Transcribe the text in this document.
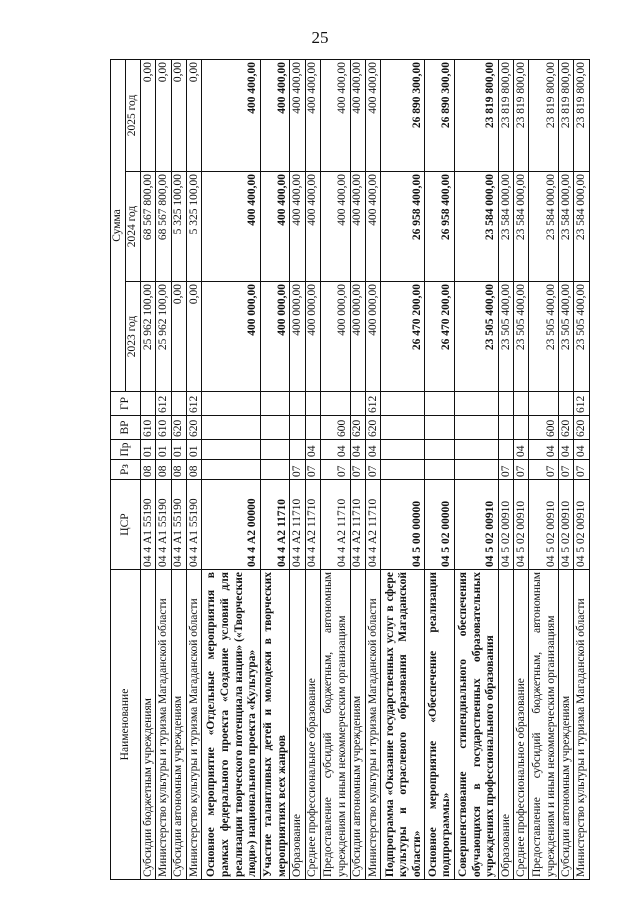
25
Наименование	ЦСР	Рз	Пр	ВР	ГР	Сумма		
						2023 год	2024 год	2025 год
Субсидии бюджетным учреждениям	04 4 А1 55190	08	01	610		25 962 100,00	68 567 800,00	0,00
Министерство культуры и туризма Магаданской области	04 4 А1 55190	08	01	610	612	25 962 100,00	68 567 800,00	0,00
Субсидии автономным учреждениям	04 4 А1 55190	08	01	620		0,00	5 325 100,00	0,00
Министерство культуры и туризма Магаданской области	04 4 А1 55190	08	01	620	612	0,00	5 325 100,00	0,00
Основное мероприятие «Отдельные мероприятия в рамках федерального проекта «Создание условий для реализации творческого потенциала нации» («Творческие люди») национального проекта «Культура»	04 4 А2 00000					400 000,00	400 400,00	400 400,00
Участие талантливых детей и молодежи в творческих мероприятиях всех жанров	04 4 А2 11710					400 000,00	400 400,00	400 400,00
Образование	04 4 А2 11710	07				400 000,00	400 400,00	400 400,00
Среднее профессиональное образование	04 4 А2 11710	07	04			400 000,00	400 400,00	400 400,00
Предоставление субсидий бюджетным, автономным учреждениям и иным некоммерческим организациям	04 4 А2 11710	07	04	600		400 000,00	400 400,00	400 400,00
Субсидии автономным учреждениям	04 4 А2 11710	07	04	620		400 000,00	400 400,00	400 400,00
Министерство культуры и туризма Магаданской области	04 4 А2 11710	07	04	620	612	400 000,00	400 400,00	400 400,00
Подпрограмма «Оказание государственных услуг в сфере культуры и отраслевого образования Магаданской области»	04 5 00 00000					26 470 200,00	26 958 400,00	26 890 300,00
Основное мероприятие «Обеспечение реализации подпрограммы»	04 5 02 00000					26 470 200,00	26 958 400,00	26 890 300,00
Совершенствование стипендиального обеспечения обучающихся в государственных образовательных учреждениях профессионального образования	04 5 02 00910					23 505 400,00	23 584 000,00	23 819 800,00
Образование	04 5 02 00910	07				23 505 400,00	23 584 000,00	23 819 800,00
Среднее профессиональное образование	04 5 02 00910	07	04			23 505 400,00	23 584 000,00	23 819 800,00
Предоставление субсидий бюджетным, автономным учреждениям и иным некоммерческим организациям	04 5 02 00910	07	04	600		23 505 400,00	23 584 000,00	23 819 800,00
Субсидии автономным учреждениям	04 5 02 00910	07	04	620		23 505 400,00	23 584 000,00	23 819 800,00
Министерство культуры и туризма Магаданской области	04 5 02 00910	07	04	620	612	23 505 400,00	23 584 000,00	23 819 800,00
